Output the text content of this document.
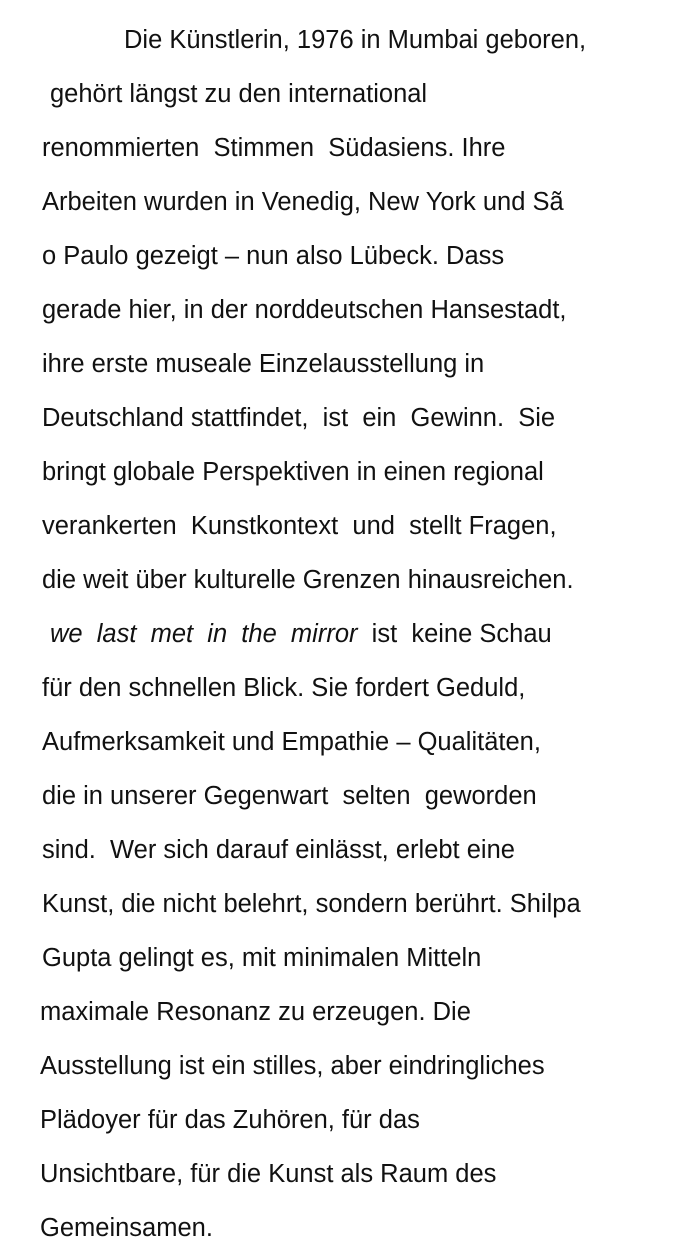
Die Künstlerin, 1976 in Mumbai geboren,
gehört längst zu den international
renommierten  Stimmen  Südasiens. Ihre
Arbeiten wurden in Venedig, New York und Sã
o Paulo gezeigt – nun also Lübeck. Dass
gerade hier, in der norddeutschen Hansestadt,
ihre erste museale Einzelausstellung in
Deutschland stattfindet,  ist  ein  Gewinn.  Sie
bringt globale Perspektiven in einen regional
verankerten  Kunstkontext  und  stellt Fragen,
die weit über kulturelle Grenzen hinausreichen.
we  last  met  in  the  mirror  ist  keine Schau
für den schnellen Blick. Sie fordert Geduld,
Aufmerksamkeit und Empathie – Qualitäten,
die in unserer Gegenwart  selten  geworden
sind.  Wer sich darauf einlässt, erlebt eine
Kunst, die nicht belehrt, sondern berührt. Shilpa
Gupta gelingt es, mit minimalen Mitteln
maximale Resonanz zu erzeugen. Die
Ausstellung ist ein stilles, aber eindringliches
Plädoyer für das Zuhören, für das
Unsichtbare, für die Kunst als Raum des
Gemeinsamen.
